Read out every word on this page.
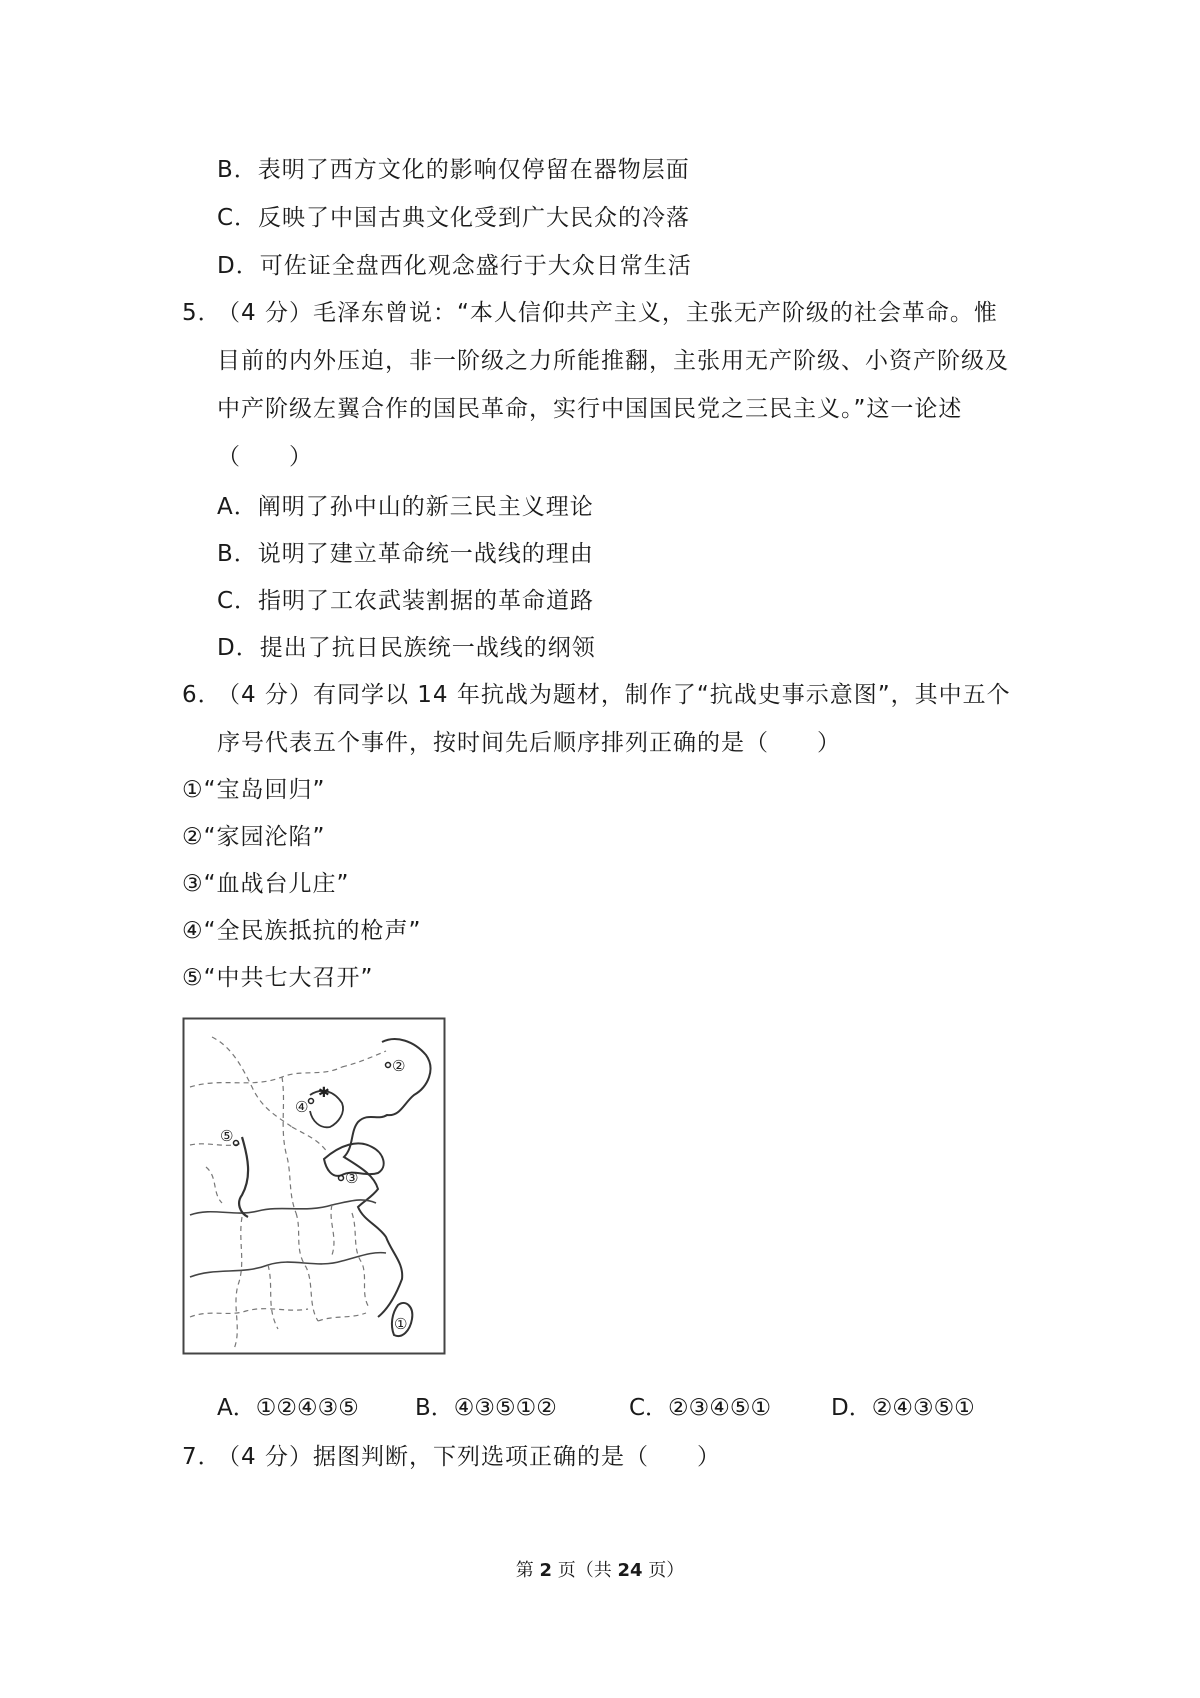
B．表明了西方文化的影响仅停留在器物层面
C．反映了中国古典文化受到广大民众的冷落
D．可佐证全盘西化观念盛行于大众日常生活
5．（4 分）毛泽东曾说：“本人信仰共产主义，主张无产阶级的社会革命。惟
目前的内外压迫，非一阶级之力所能推翻，主张用无产阶级、小资产阶级及
中产阶级左翼合作的国民革命，实行中国国民党之三民主义。”这一论述
（　　）
A．阐明了孙中山的新三民主义理论
B．说明了建立革命统一战线的理由
C．指明了工农武装割据的革命道路
D．提出了抗日民族统一战线的纲领
6．（4 分）有同学以 14 年抗战为题材，制作了“抗战史事示意图”，其中五个
序号代表五个事件，按时间先后顺序排列正确的是（　　）
①“宝岛回归”
②“家园沦陷”
③“血战台儿庄”
④“全民族抵抗的枪声”
⑤“中共七大召开”
✱
②
④
⑤
③
①
A．①②④③⑤ B．④③⑤①②	C．②③④⑤①	D．②④③⑤①
7．（4 分）据图判断，下列选项正确的是（　　）
第 2 页（共 24 页）
